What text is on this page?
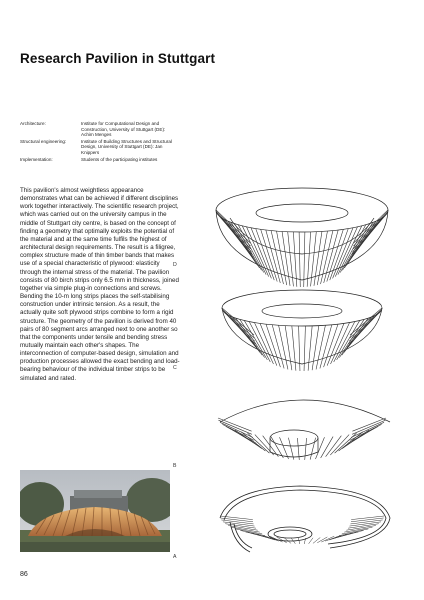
Research Pavilion in Stuttgart
Architecture:	Institute for Computational Design and Construction, University of Stuttgart (DE): Achim Menges
Structural engineering:	Institute of Building Structures and Structural Design, University of Stuttgart (DE): Jan Knippers
Implementation:	Students of the participating institutes

This pavilion's almost weightless appearance demonstrates what can be achieved if different disciplines work together interactively. The scientific research project, which was carried out on the university campus in the middle of Stuttgart city centre, is based on the concept of finding a geometry that optimally exploits the potential of the material and at the same time fulfils the highest of architectural design requirements. The result is a filigree, complex structure made of thin timber bands that makes use of a special characteristic of plywood: elasticity through the internal stress of the material. The pavilion consists of 80 birch strips only 6.5 mm in thickness, joined together via simple plug-in connections and screws. Bending the 10-m long strips places the self-stabilising construction under intrinsic tension. As a result, the actually quite soft plywood strips combine to form a rigid structure. The geometry of the pavilion is derived from 40 pairs of 80 segment arcs arranged next to one another so that the components under tensile and bending stress mutually maintain each other's shapes. The interconnection of computer-based design, simulation and production processes allowed the exact bending and load-bearing behaviour of the individual timber strips to be simulated and rated.

86
D
C
B
A
